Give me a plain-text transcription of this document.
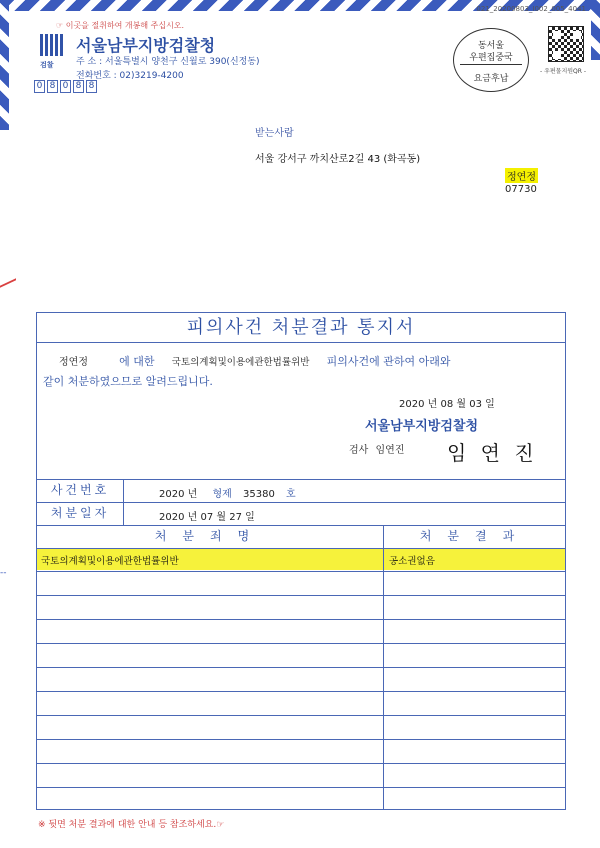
021_20200803_I002_005_4041
☞ 이곳을 절취하여 개봉해 주십시오.
검찰
서울남부지방검찰청
주 소 : 서울특별시 양천구 신월로 390(신정동)
전화번호 : 02)3219-4200
0 8 0 8 8
동서울
우편집중국
요금후납
- 우편물지원QR -
받는사람
서울 강서구 까치산로2길 43 (화곡동)
정연정
07730
--
피의사건 처분결과 통지서
정연정	에 대한 국토의계획및이용에관한법률위반 피의사건에 관하여 아래와
같이 처분하였으므로 알려드립니다.
2020 년 08 월 03 일
서울남부지방검찰청
검사 임연진 임 연 진
사건번호	2020 년 형제 35380 호
처분일자	2020 년 07 월 27 일
처분죄명	처분결과
국토의계획및이용에관한법률위반	공소권없음
※ 뒷면 처분 결과에 대한 안내 등 참조하세요.☞
